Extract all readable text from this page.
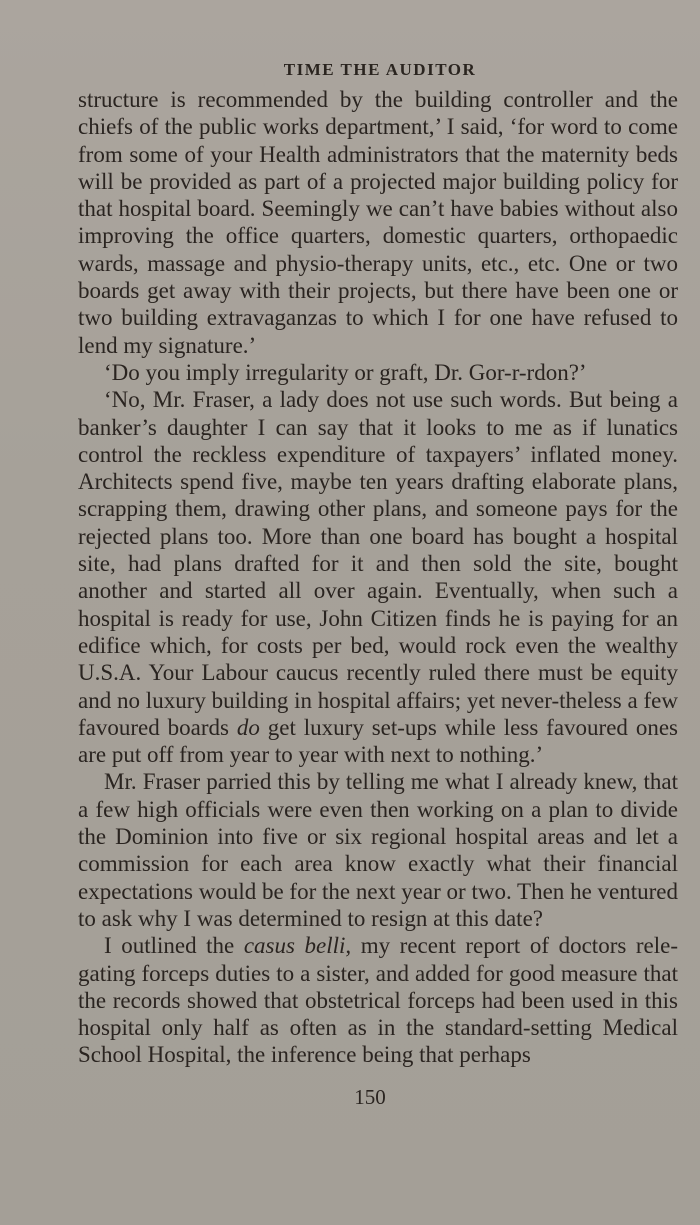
TIME THE AUDITOR

structure is recommended by the building controller and the chiefs of the public works department,’ I said, ‘for word to come from some of your Health administrators that the maternity beds will be provided as part of a projected major building policy for that hospital board. Seemingly we can’t have babies without also improving the office quarters, domestic quarters, orthopaedic wards, massage and physio-therapy units, etc., etc. One or two boards get away with their projects, but there have been one or two building extravaganzas to which I for one have refused to lend my signature.’

‘Do you imply irregularity or graft, Dr. Gor-r-rdon?’

‘No, Mr. Fraser, a lady does not use such words. But being a banker’s daughter I can say that it looks to me as if lunatics control the reckless expenditure of taxpayers’ inflated money. Architects spend five, maybe ten years drafting elaborate plans, scrapping them, drawing other plans, and someone pays for the rejected plans too. More than one board has bought a hospital site, had plans drafted for it and then sold the site, bought another and started all over again. Eventually, when such a hospital is ready for use, John Citizen finds he is paying for an edifice which, for costs per bed, would rock even the wealthy U.S.A. Your Labour caucus recently ruled there must be equity and no luxury building in hospital affairs; yet never-theless a few favoured boards do get luxury set-ups while less favoured ones are put off from year to year with next to nothing.’

Mr. Fraser parried this by telling me what I already knew, that a few high officials were even then working on a plan to divide the Dominion into five or six regional hospital areas and let a commission for each area know exactly what their financial expectations would be for the next year or two. Then he ventured to ask why I was determined to resign at this date?

I outlined the casus belli, my recent report of doctors rele-gating forceps duties to a sister, and added for good measure that the records showed that obstetrical forceps had been used in this hospital only half as often as in the standard-setting Medical School Hospital, the inference being that perhaps

150
